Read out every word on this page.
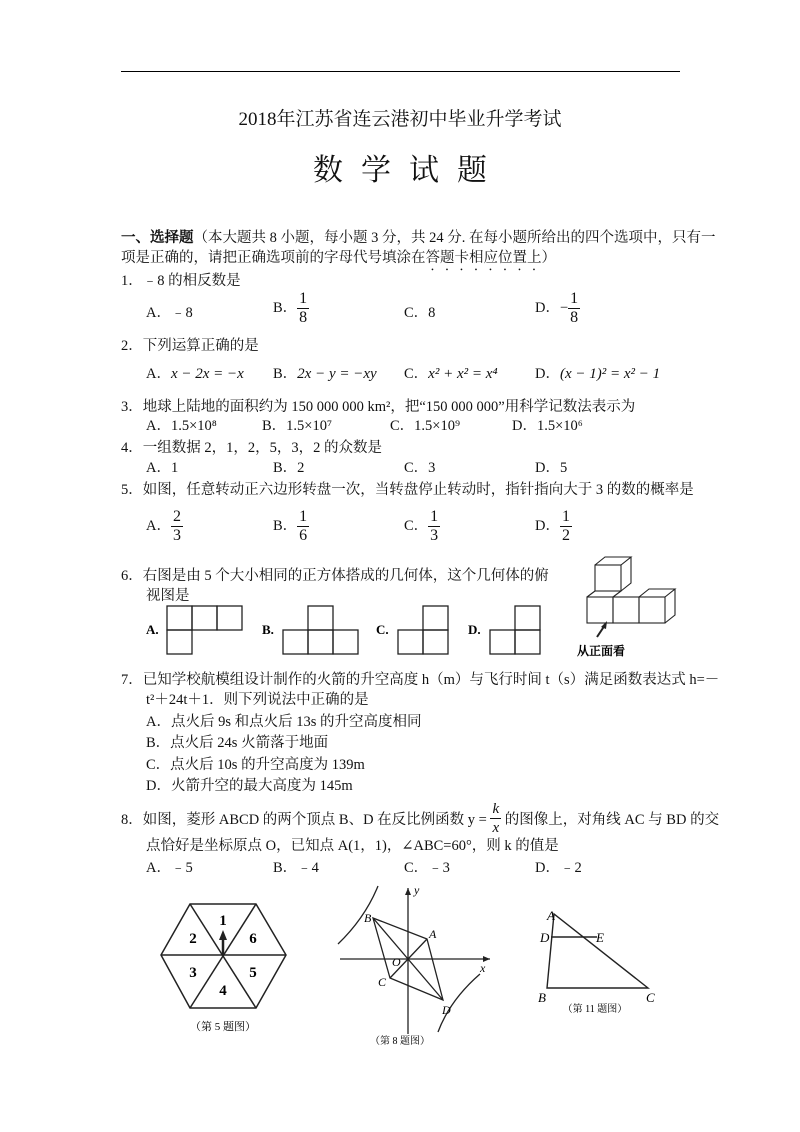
2018年江苏省连云港初中毕业升学考试
数学试题
一、选择题（本大题共 8 小题，每小题 3 分，共 24 分. 在每小题所给出的四个选项中，只有一
项是正确的，请把正确选项前的字母代号填涂在答题卡相应位置上）
1．﹣8 的相反数是
A．﹣8	B． $\frac{1}{8}$	C．8	D．− $\frac{1}{8}$
2．下列运算正确的是
A．x − 2x = −x B．2x − y = −xy C．x² + x² = x⁴	D．(x − 1)² = x² − 1
3．地球上陆地的面积约为 150 000 000 km²，把“150 000 000”用科学记数法表示为
A．1.5×10⁸	B．1.5×10⁷	C．1.5×10⁹	D．1.5×10⁶
4．一组数据 2，1，2，5，3，2 的众数是
A．1	B．2	C．3	D．5
5．如图，任意转动正六边形转盘一次，当转盘停止转动时，指针指向大于 3 的数的概率是
A． $\frac{2}{3}$	B． $\frac{1}{6}$	C． $\frac{1}{3}$	D． $\frac{1}{2}$
6．右图是由 5 个大小相同的正方体搭成的几何体，这个几何体的俯
视图是
A.	B.	C.	D.
从正面看
7．已知学校航模组设计制作的火箭的升空高度 h（m）与飞行时间 t（s）满足函数表达式 h=－
t²＋24t＋1．则下列说法中正确的是
A．点火后 9s 和点火后 13s 的升空高度相同
B．点火后 24s 火箭落于地面
C．点火后 10s 的升空高度为 139m
D．火箭升空的最大高度为 145m
8．如图，菱形 ABCD 的两个顶点 B、D 在反比例函数 $y = \frac{k}{x}$ 的图像上，对角线 AC 与 BD 的交
点恰好是坐标原点 O，已知点 A(1，1)，∠ABC=60°，则 k 的值是
A．﹣5	B．﹣4	C．﹣3	D．﹣2
1
6
5
4
3
2
（第 5 题图）
y
x
O
A
B
C
D
（第 8 题图）
A
D	E
B	C
（第 11 题图）
